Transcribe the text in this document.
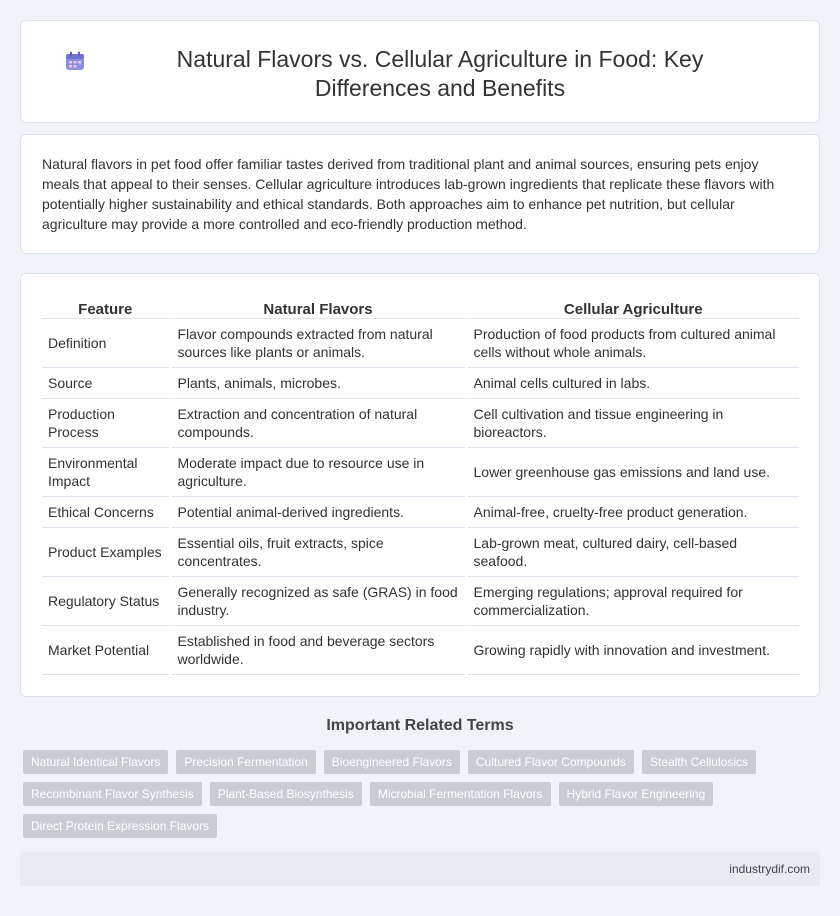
Natural Flavors vs. Cellular Agriculture in Food: Key Differences and Benefits

Natural flavors in pet food offer familiar tastes derived from traditional plant and animal sources, ensuring pets enjoy meals that appeal to their senses. Cellular agriculture introduces lab-grown ingredients that replicate these flavors with potentially higher sustainability and ethical standards. Both approaches aim to enhance pet nutrition, but cellular agriculture may provide a more controlled and eco-friendly production method.

Feature	Natural Flavors	Cellular Agriculture
Definition	Flavor compounds extracted from natural sources like plants or animals.	Production of food products from cultured animal cells without whole animals.
Source	Plants, animals, microbes.	Animal cells cultured in labs.
Production Process	Extraction and concentration of natural compounds.	Cell cultivation and tissue engineering in bioreactors.
Environmental Impact	Moderate impact due to resource use in agriculture.	Lower greenhouse gas emissions and land use.
Ethical Concerns	Potential animal-derived ingredients.	Animal-free, cruelty-free product generation.
Product Examples	Essential oils, fruit extracts, spice concentrates.	Lab-grown meat, cultured dairy, cell-based seafood.
Regulatory Status	Generally recognized as safe (GRAS) in food industry.	Emerging regulations; approval required for commercialization.
Market Potential	Established in food and beverage sectors worldwide.	Growing rapidly with innovation and investment.
Important Related Terms
Natural Identical Flavors	Precision Fermentation	Bioengineered Flavors	Cultured Flavor Compounds	Stealth Cellulosics
Recombinant Flavor Synthesis	Plant-Based Biosynthesis	Microbial Fermentation Flavors	Hybrid Flavor Engineering
Direct Protein Expression Flavors
industrydif.com
